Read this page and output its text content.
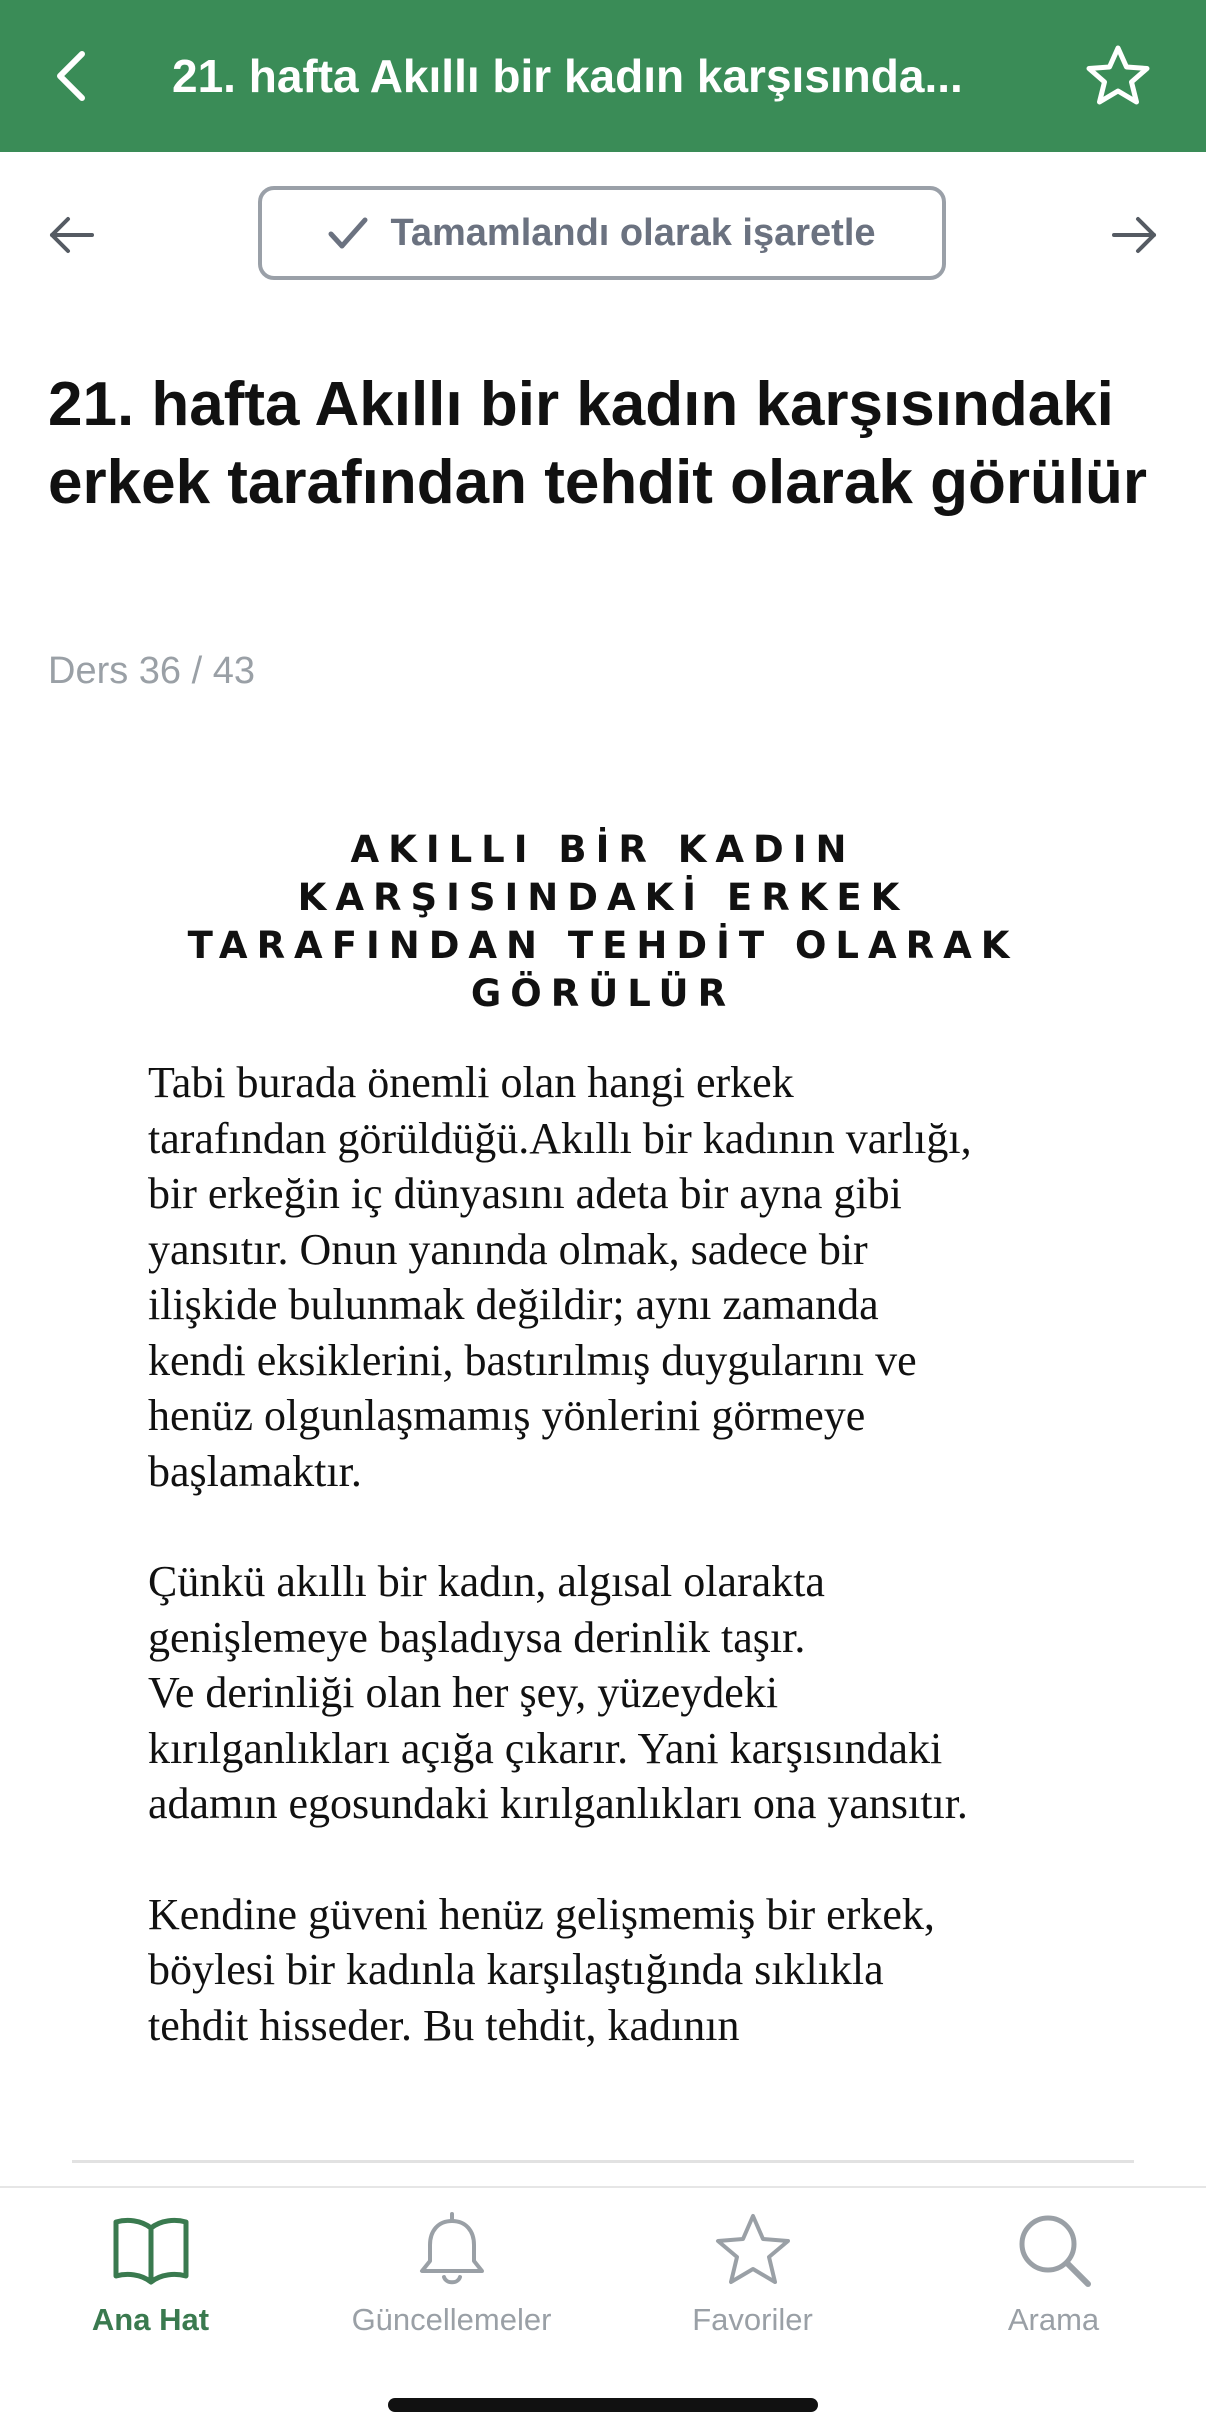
21. hafta Akıllı bir kadın karşısında...
Tamamlandı olarak işaretle
21. hafta Akıllı bir kadın karşısındaki erkek tarafından tehdit olarak görülür
Ders 36 / 43
AKILLI BİR KADIN KARŞISINDAKİ ERKEK TARAFINDAN TEHDİT OLARAK GÖRÜLÜR

Tabi burada önemli olan hangi erkek
tarafından görüldüğü.Akıllı bir kadının varlığı,
bir erkeğin iç dünyasını adeta bir ayna gibi
yansıtır. Onun yanında olmak, sadece bir
ilişkide bulunmak değildir; aynı zamanda
kendi eksiklerini, bastırılmış duygularını ve
henüz olgunlaşmamış yönlerini görmeye
başlamaktır.

Çünkü akıllı bir kadın, algısal olarakta
genişlemeye başladıysa derinlik taşır.
Ve derinliği olan her şey, yüzeydeki
kırılganlıkları açığa çıkarır. Yani karşısındaki
adamın egosundaki kırılganlıkları ona yansıtır.

Kendine güveni henüz gelişmemiş bir erkek,
böylesi bir kadınla karşılaştığında sıklıkla
tehdit hisseder. Bu tehdit, kadının

Ana Hat	Güncellemeler	Favoriler	Arama
